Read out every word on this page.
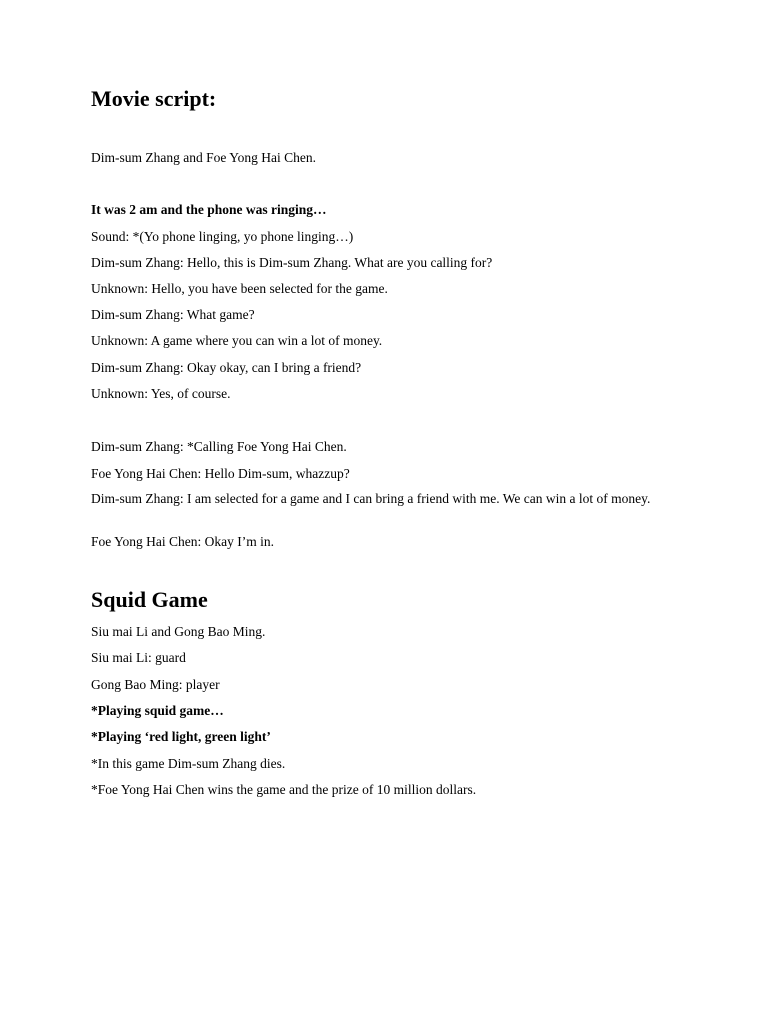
Movie script:
Dim-sum Zhang and Foe Yong Hai Chen.
It was 2 am and the phone was ringing…
Sound: *(Yo phone linging, yo phone linging…)
Dim-sum Zhang: Hello, this is Dim-sum Zhang. What are you calling for?
Unknown: Hello, you have been selected for the game.
Dim-sum Zhang: What game?
Unknown: A game where you can win a lot of money.
Dim-sum Zhang: Okay okay, can I bring a friend?
Unknown: Yes, of course.
Dim-sum Zhang: *Calling Foe Yong Hai Chen.
Foe Yong Hai Chen: Hello Dim-sum, whazzup?
Dim-sum Zhang: I am selected for a game and I can bring a friend with me. We can win a lot of money.
Foe Yong Hai Chen: Okay I’m in.
Squid Game
Siu mai Li and Gong Bao Ming.
Siu mai Li: guard
Gong Bao Ming: player
*Playing squid game…
*Playing ‘red light, green light’
*In this game Dim-sum Zhang dies.
*Foe Yong Hai Chen wins the game and the prize of 10 million dollars.
